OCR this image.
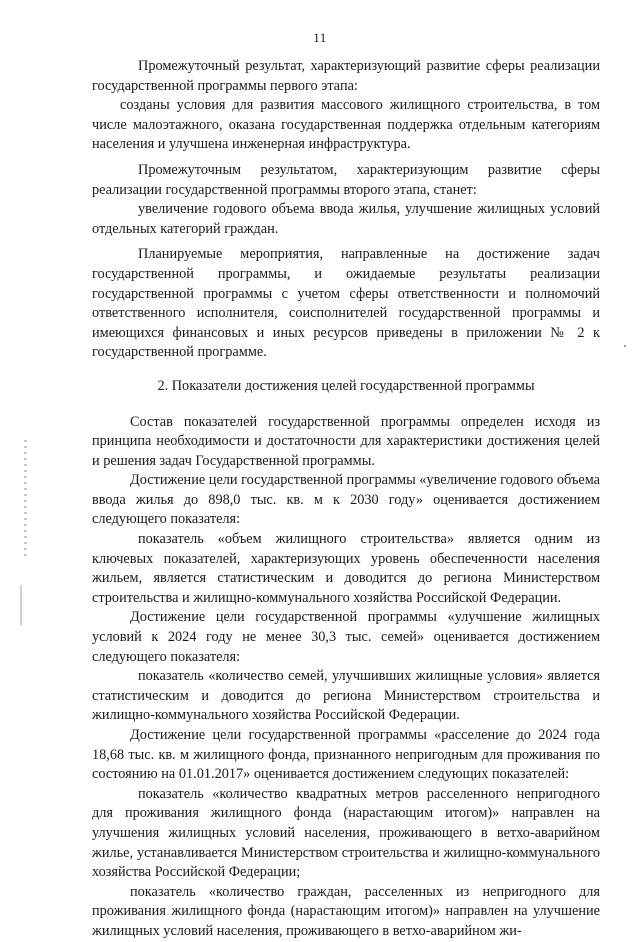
11

Промежуточный результат, характеризующий развитие сферы реализации государственной программы первого этапа:

созданы условия для развития массового жилищного строительства, в том числе малоэтажного, оказана государственная поддержка отдельным категориям населения и улучшена инженерная инфраструктура.

Промежуточным результатом, характеризующим развитие сферы реализации государственной программы второго этапа, станет:

увеличение годового объема ввода жилья, улучшение жилищных условий отдельных категорий граждан.

Планируемые мероприятия, направленные на достижение задач государственной программы, и ожидаемые результаты реализации государственной программы с учетом сферы ответственности и полномочий ответственного исполнителя, соисполнителей государственной программы и имеющихся финансовых и иных ресурсов приведены в приложении № 2 к государственной программе.

2. Показатели достижения целей государственной программы

Состав показателей государственной программы определен исходя из принципа необходимости и достаточности для характеристики достижения целей и решения задач Государственной программы.

Достижение цели государственной программы «увеличение годового объема ввода жилья до 898,0 тыс. кв. м к 2030 году» оценивается достижением следующего показателя:

показатель «объем жилищного строительства» является одним из ключевых показателей, характеризующих уровень обеспеченности населения жильем, является статистическим и доводится до региона Министерством строительства и жилищно-коммунального хозяйства Российской Федерации.

Достижение цели государственной программы «улучшение жилищных условий к 2024 году не менее 30,3 тыс. семей» оценивается достижением следующего показателя:

показатель «количество семей, улучшивших жилищные условия» является статистическим и доводится до региона Министерством строительства и жилищно-коммунального хозяйства Российской Федерации.

Достижение цели государственной программы «расселение до 2024 года 18,68 тыс. кв. м жилищного фонда, признанного непригодным для проживания по состоянию на 01.01.2017» оценивается достижением следующих показателей:

показатель «количество квадратных метров расселенного непригодного для проживания жилищного фонда (нарастающим итогом)» направлен на улучшения жилищных условий населения, проживающего в ветхо-аварийном жилье, устанавливается Министерством строительства и жилищно-коммунального хозяйства Российской Федерации;

показатель «количество граждан, расселенных из непригодного для проживания жилищного фонда (нарастающим итогом)» направлен на улучшение жилищных условий населения, проживающего в ветхо-аварийном жи-
